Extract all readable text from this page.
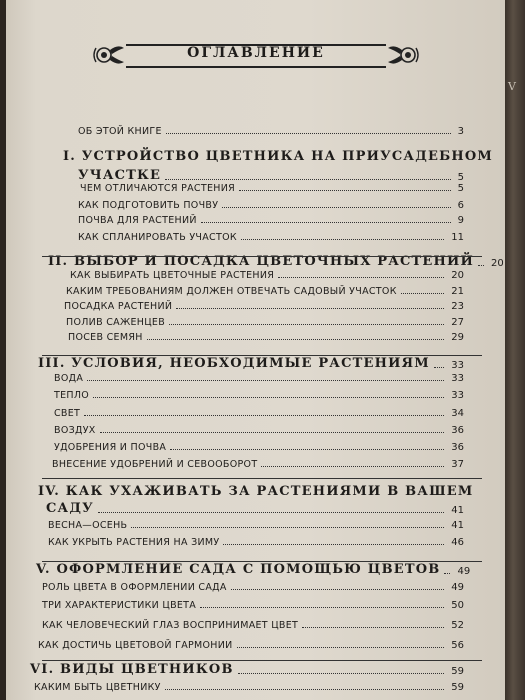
ОГЛАВЛЕНИЕ
ОБ ЭТОЙ КНИГЕ	3
I. УСТРОЙСТВО ЦВЕТНИКА НА ПРИУСАДЕБНОМ
УЧАСТКЕ	5
ЧЕМ ОТЛИЧАЮТСЯ РАСТЕНИЯ	5
КАК ПОДГОТОВИТЬ ПОЧВУ	6
ПОЧВА ДЛЯ РАСТЕНИЙ	9
КАК СПЛАНИРОВАТЬ УЧАСТОК	11
II. ВЫБОР И ПОСАДКА ЦВЕТОЧНЫХ РАСТЕНИЙ 20
КАК ВЫБИРАТЬ ЦВЕТОЧНЫЕ РАСТЕНИЯ	20
КАКИМ ТРЕБОВАНИЯМ ДОЛЖЕН ОТВЕЧАТЬ САДОВЫЙ УЧАСТОК	21
ПОСАДКА РАСТЕНИЙ	23
ПОЛИВ САЖЕНЦЕВ	27
ПОСЕВ СЕМЯН	29
III. УСЛОВИЯ, НЕОБХОДИМЫЕ РАСТЕНИЯМ 33
ВОДА	33
ТЕПЛО	33
СВЕТ	34
ВОЗДУХ	36
УДОБРЕНИЯ И ПОЧВА	36
ВНЕСЕНИЕ УДОБРЕНИЙ И СЕВООБОРОТ	37
IV. КАК УХАЖИВАТЬ ЗА РАСТЕНИЯМИ В ВАШЕМ
САДУ	41
ВЕСНА—ОСЕНЬ	41
КАК УКРЫТЬ РАСТЕНИЯ НА ЗИМУ	46
V. ОФОРМЛЕНИЕ САДА С ПОМОЩЬЮ ЦВЕТОВ 49
РОЛЬ ЦВЕТА В ОФОРМЛЕНИИ САДА	49
ТРИ ХАРАКТЕРИСТИКИ ЦВЕТА	50
КАК ЧЕЛОВЕЧЕСКИЙ ГЛАЗ ВОСПРИНИМАЕТ ЦВЕТ	52
КАК ДОСТИЧЬ ЦВЕТОВОЙ ГАРМОНИИ	56
VI. ВИДЫ ЦВЕТНИКОВ	59
КАКИМ БЫТЬ ЦВЕТНИКУ	59
V
